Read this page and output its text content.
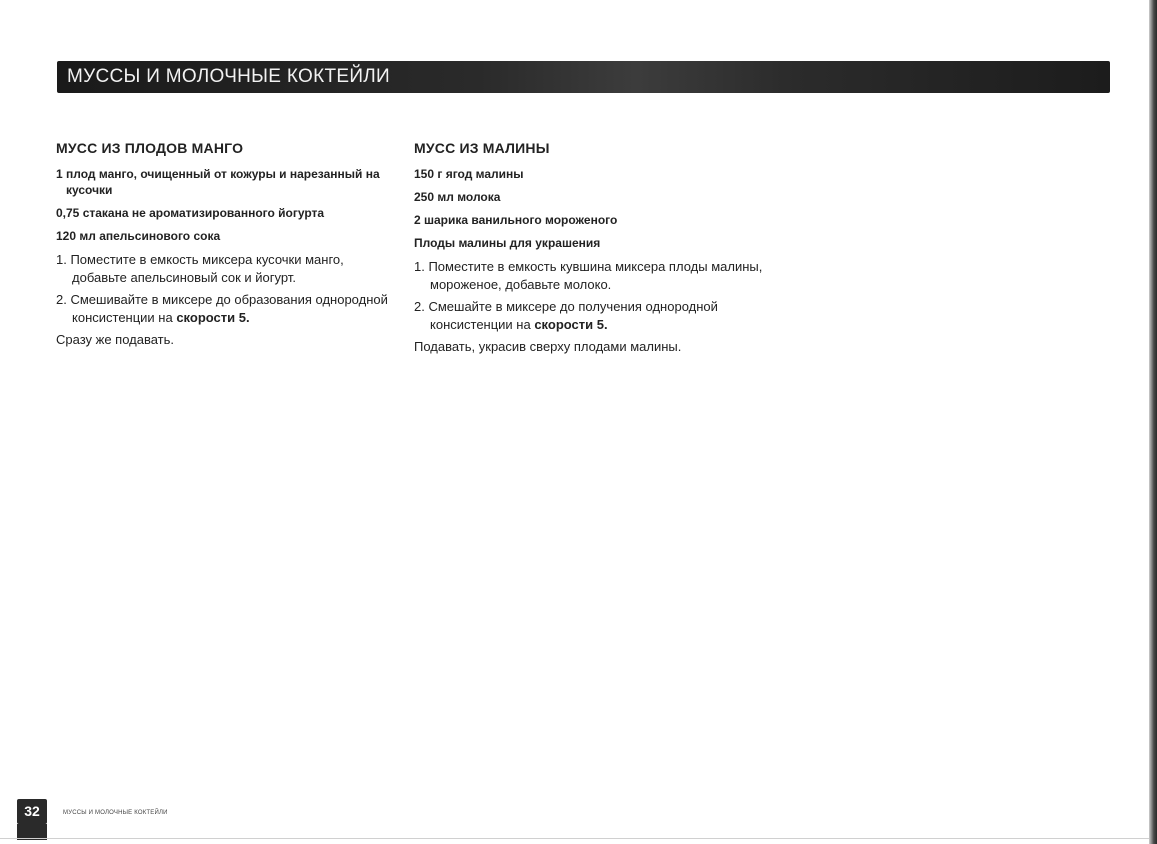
МУССЫ И МОЛОЧНЫЕ КОКТЕЙЛИ
МУСС ИЗ ПЛОДОВ МАНГО
1 плод манго, очищенный от кожуры и нарезанный на кусочки
0,75 стакана не ароматизированного йогурта
120 мл апельсинового сока
1. Поместите в емкость миксера кусочки манго, добавьте апельсиновый сок и йогурт.
2. Смешивайте в миксере до образования однородной консистенции на скорости 5.
Сразу же подавать.
МУСС ИЗ МАЛИНЫ
150 г ягод малины
250 мл молока
2 шарика ванильного мороженого
Плоды малины для украшения
1. Поместите в емкость кувшина миксера плоды малины, мороженое, добавьте молоко.
2. Смешайте в миксере до получения однородной консистенции на скорости 5.
Подавать, украсив сверху плодами малины.
32	МУССЫ И МОЛОЧНЫЕ КОКТЕЙЛИ
